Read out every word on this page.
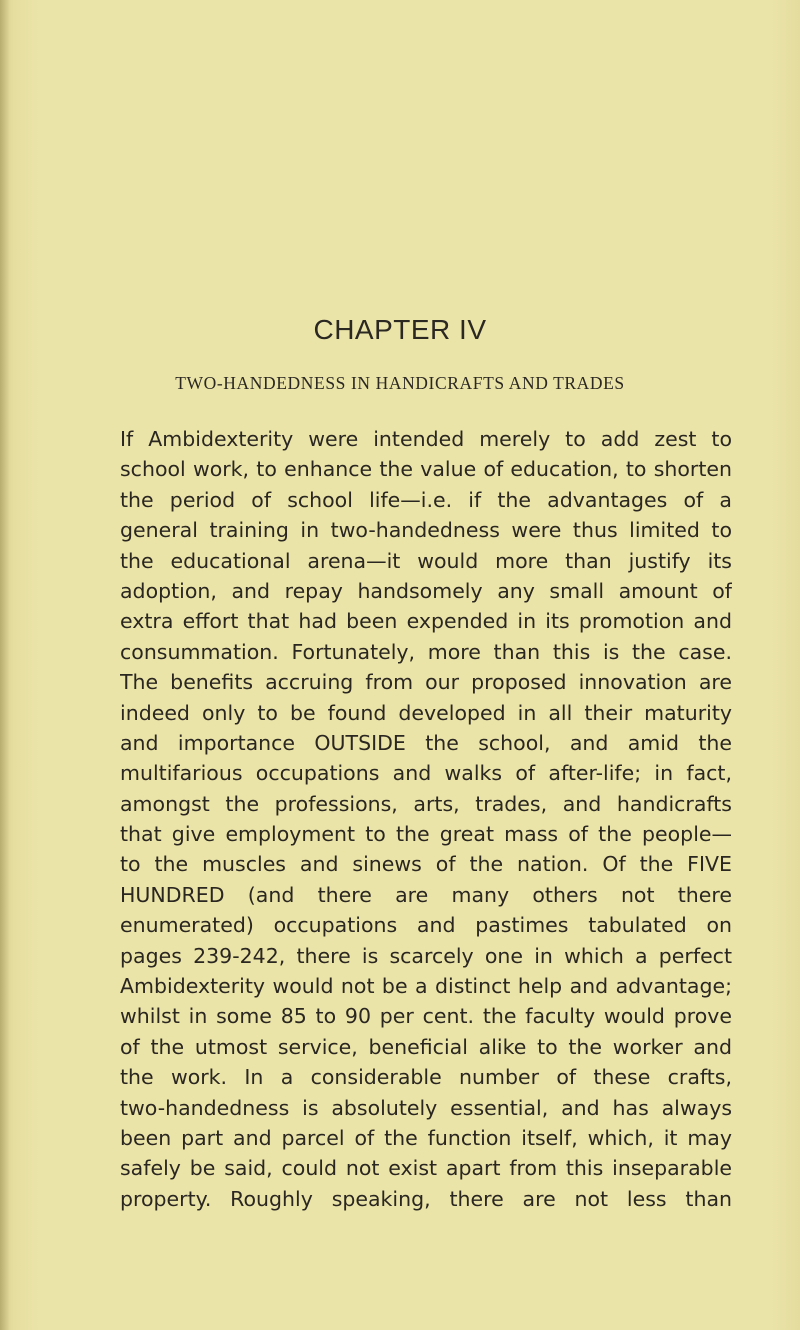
CHAPTER IV
TWO-HANDEDNESS IN HANDICRAFTS AND TRADES
If Ambidexterity were intended merely to add zest to
school work, to enhance the value of education, to shorten
the period of school life—i.e. if the advantages of a
general training in two-handedness were thus limited to
the educational arena—it would more than justify its
adoption, and repay handsomely any small amount of
extra effort that had been expended in its promotion and
consummation. Fortunately, more than this is the case.
The benefits accruing from our proposed innovation are
indeed only to be found developed in all their maturity
and importance OUTSIDE the school, and amid the
multifarious occupations and walks of after-life; in fact,
amongst the professions, arts, trades, and handicrafts
that give employment to the great mass of the people—
to the muscles and sinews of the nation. Of the FIVE
HUNDRED (and there are many others not there
enumerated) occupations and pastimes tabulated on
pages 239-242, there is scarcely one in which a perfect
Ambidexterity would not be a distinct help and advantage;
whilst in some 85 to 90 per cent. the faculty would prove
of the utmost service, beneficial alike to the worker and
the work. In a considerable number of these crafts,
two-handedness is absolutely essential, and has always
been part and parcel of the function itself, which, it may
safely be said, could not exist apart from this inseparable
property. Roughly speaking, there are not less than
